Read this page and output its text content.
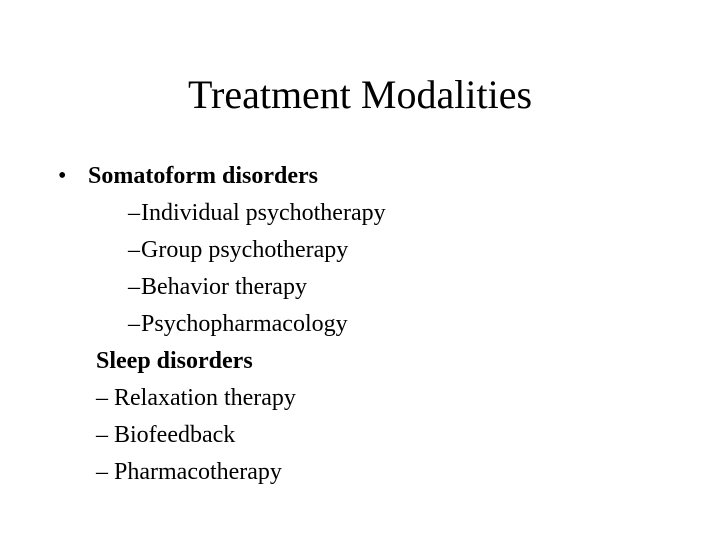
Treatment Modalities
• Somatoform disorders
– Individual psychotherapy
– Group psychotherapy
– Behavior therapy
– Psychopharmacology
Sleep disorders
– Relaxation therapy
– Biofeedback
– Pharmacotherapy
